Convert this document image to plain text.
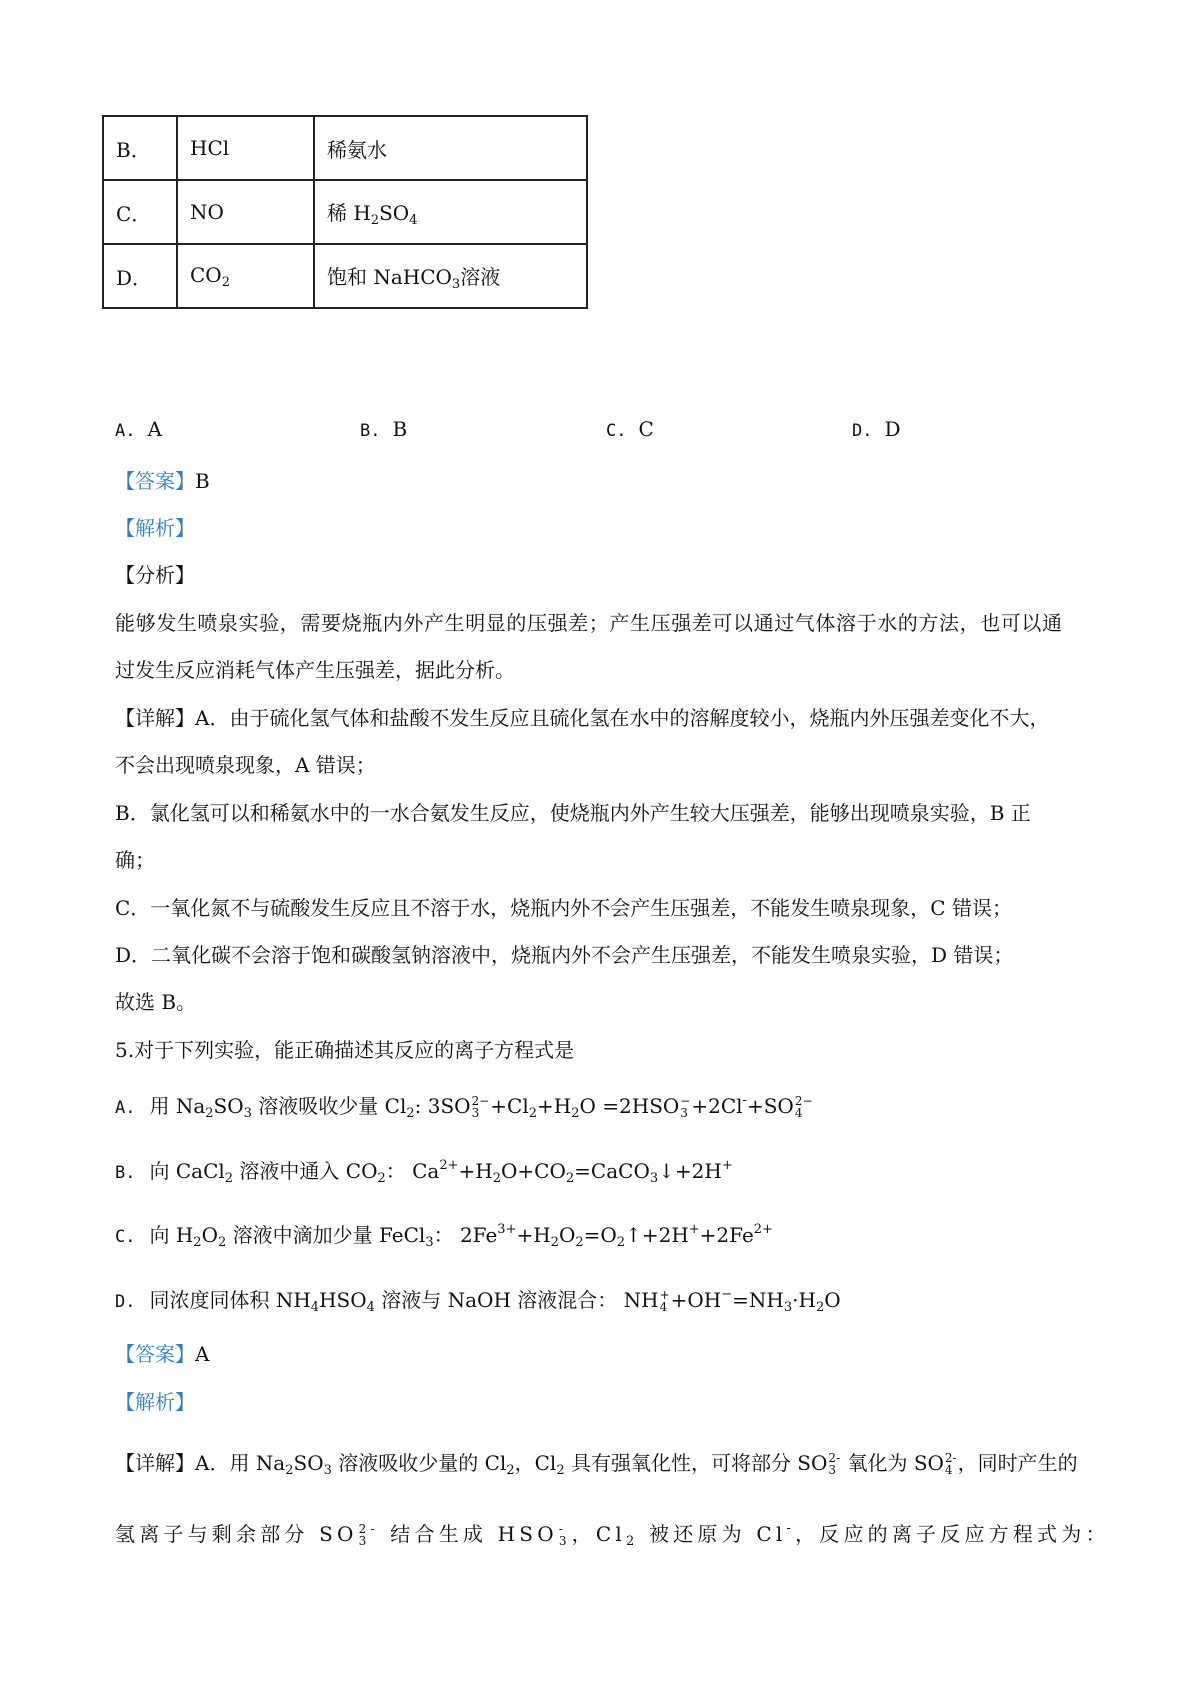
B．	HCl	稀氨水
C．	NO	稀 $H_2SO_4$
D．	$CO_2$	饱和 NaHCO$_3$溶液
A. A	B. B	C. C	D. D
【答案】B
【解析】
【分析】
能够发生喷泉实验，需要烧瓶内外产生明显的压强差；产生压强差可以通过气体溶于水的方法，也可以通
过发生反应消耗气体产生压强差，据此分析。
【详解】A．由于硫化氢气体和盐酸不发生反应且硫化氢在水中的溶解度较小，烧瓶内外压强差变化不大，
不会出现喷泉现象，A 错误；
B．氯化氢可以和稀氨水中的一水合氨发生反应，使烧瓶内外产生较大压强差，能够出现喷泉实验，B 正
确；
C．一氧化氮不与硫酸发生反应且不溶于水，烧瓶内外不会产生压强差，不能发生喷泉现象，C 错误；
D．二氧化碳不会溶于饱和碳酸氢钠溶液中，烧瓶内外不会产生压强差，不能发生喷泉实验，D 错误；
故选 B。
5.对于下列实验，能正确描述其反应的离子方程式是
A. 用 $Na_2SO_3$ 溶液吸收少量 $Cl_2$: 3SO 2−
$3 +Cl_2+H_2O =2HSO$ −
3 +2Cl-+SO 2−
4
B. 向 CaCl$_2$ 溶液中通入 $CO_2$： $Ca^{2+}+H_2O+CO_2=CaCO_3↓+2H^+$
C. 向 $H_2O_2$ 溶液中滴加少量 FeCl$_3$： $2Fe^{3+}+H_2O_2=O_2↑+2H^++2Fe^{2+}$
D. 同浓度同体积 $NH_4HSO_4$ 溶液与 NaOH 溶液混合： NH +
$4 +OH^-=NH_3\cdot H_2O$
【答案】A
【解析】
【详解】A．用 $Na_2SO_3$ 溶液吸收少量的 $Cl_2$，$Cl_2$ 具有强氧化性，可将部分 SO 2-
3 氧化为 SO 2-
4 ，同时产生的
氢离子与剩余部分 SO 2-
3 结合生成 HSO -
3 ，$Cl_2$ 被还原为 Cl-，反应的离子反应方程式为：
